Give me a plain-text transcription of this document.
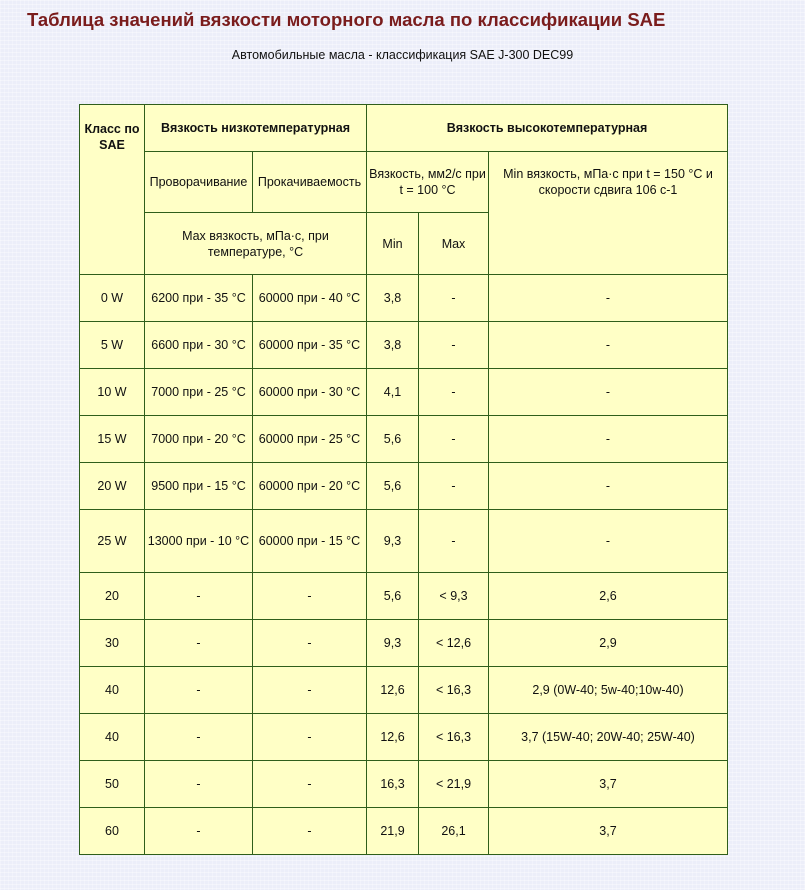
Таблица значений вязкости моторного масла по классификации SAE
Автомобильные масла - классификация SAE J-300 DEC99
Класс по SAE	Вязкость низкотемпературная		Вязкость высокотемпературная		
	Проворачивание	Прокачиваемость	Вязкость, мм2/с при t = 100 °С		Min вязкость, мПа·с при t = 150 °С и скорости сдвига 106 с-1
	Max вязкость, мПа·с, при температуре, °С		Min	Max	
0 W	6200 при - 35 °С	60000 при - 40 °С	3,8	-	-
5 W	6600 при - 30 °С	60000 при - 35 °С	3,8	-	-
10 W	7000 при - 25 °С	60000 при - 30 °С	4,1	-	-
15 W	7000 при - 20 °С	60000 при - 25 °С	5,6	-	-
20 W	9500 при - 15 °С	60000 при - 20 °С	5,6	-	-
25 W	13000 при - 10 °С	60000 при - 15 °С	9,3	-	-
20	-	-	5,6	< 9,3	2,6
30	-	-	9,3	< 12,6	2,9
40	-	-	12,6	< 16,3	2,9 (0W-40; 5w-40;10w-40)
40	-	-	12,6	< 16,3	3,7 (15W-40; 20W-40; 25W-40)
50	-	-	16,3	< 21,9	3,7
60	-	-	21,9	26,1	3,7
